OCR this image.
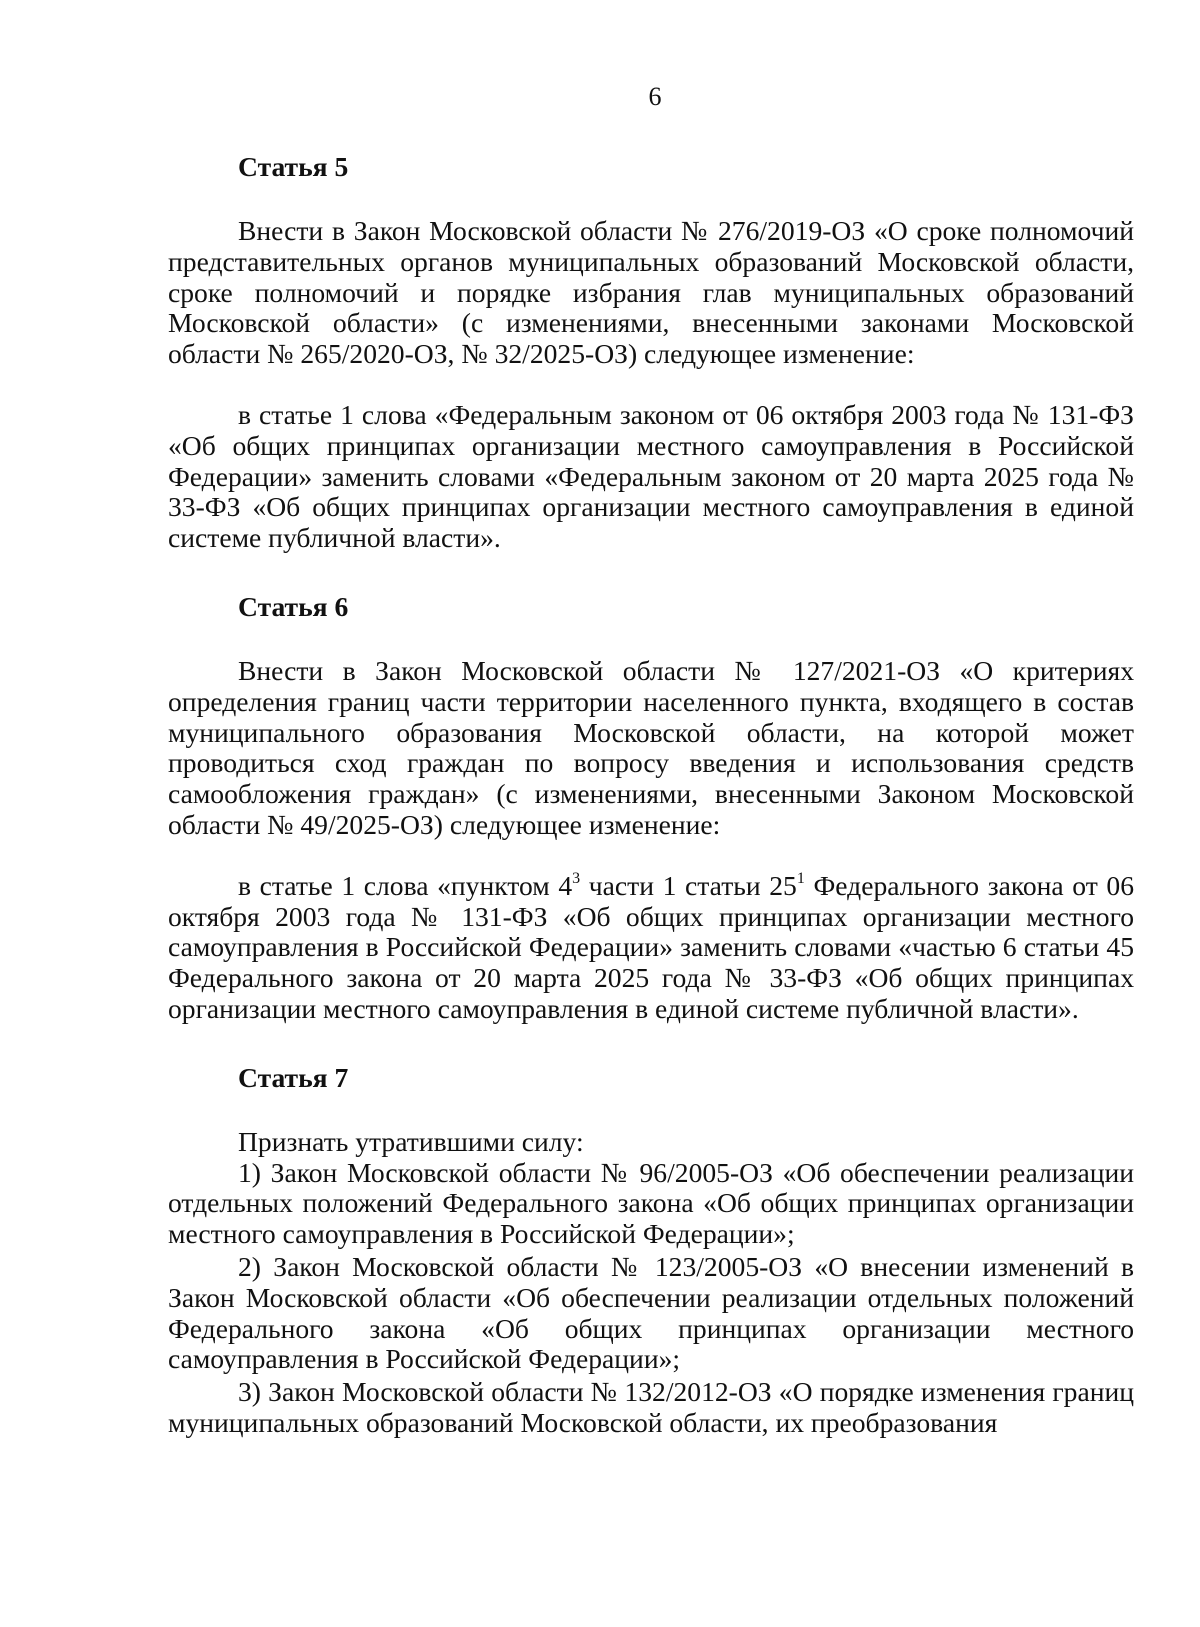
6

Статья 5

Внести в Закон Московской области № 276/2019-ОЗ «О сроке полномочий представительных органов муниципальных образований Московской области, сроке полномочий и порядке избрания глав муниципальных образований Московской области» (с изменениями, внесенными законами Московской области № 265/2020-ОЗ, № 32/2025-ОЗ) следующее изменение:

в статье 1 слова «Федеральным законом от 06 октября 2003 года № 131-ФЗ «Об общих принципах организации местного самоуправления в Российской Федерации» заменить словами «Федеральным законом от 20 марта 2025 года № 33-ФЗ «Об общих принципах организации местного самоуправления в единой системе публичной власти».

Статья 6

Внести в Закон Московской области № 127/2021-ОЗ «О критериях определения границ части территории населенного пункта, входящего в состав муниципального образования Московской области, на которой может проводиться сход граждан по вопросу введения и использования средств самообложения граждан» (с изменениями, внесенными Законом Московской области № 49/2025-ОЗ) следующее изменение:

в статье 1 слова «пунктом $4^3$ части 1 статьи $25^1$ Федерального закона от 06 октября 2003 года № 131-ФЗ «Об общих принципах организации местного самоуправления в Российской Федерации» заменить словами «частью 6 статьи 45 Федерального закона от 20 марта 2025 года № 33-ФЗ «Об общих принципах организации местного самоуправления в единой системе публичной власти».

Статья 7

Признать утратившими силу:

1) Закон Московской области № 96/2005-ОЗ «Об обеспечении реализации отдельных положений Федерального закона «Об общих принципах организации местного самоуправления в Российской Федерации»;

2) Закон Московской области № 123/2005-ОЗ «О внесении изменений в Закон Московской области «Об обеспечении реализации отдельных положений Федерального закона «Об общих принципах организации местного самоуправления в Российской Федерации»;

3) Закон Московской области № 132/2012-ОЗ «О порядке изменения границ муниципальных образований Московской области, их преобразования
